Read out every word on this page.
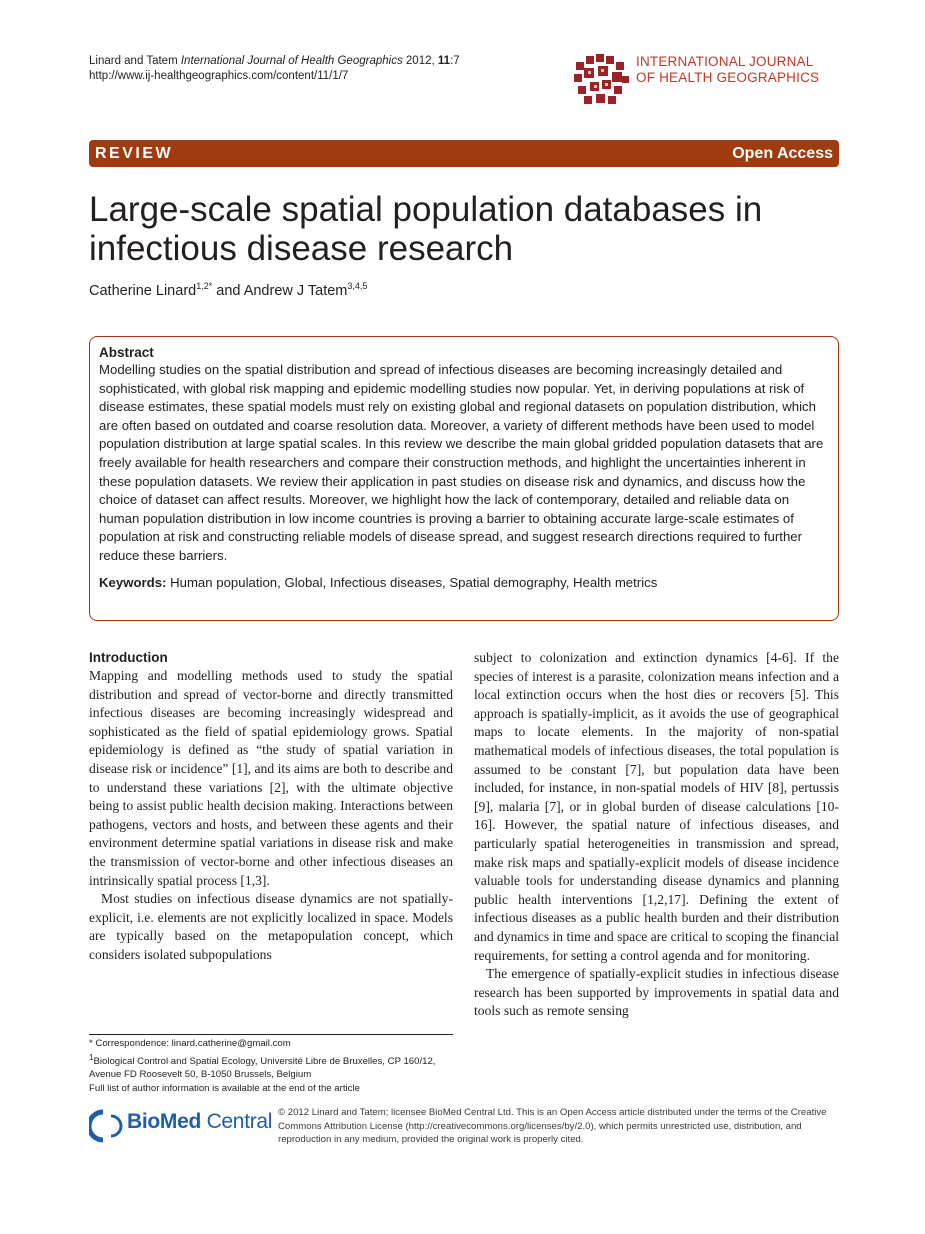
Linard and Tatem International Journal of Health Geographics 2012, 11:7
http://www.ij-healthgeographics.com/content/11/1/7
INTERNATIONAL JOURNAL
OF HEALTH GEOGRAPHICS
REVIEW	Open Access
Large-scale spatial population databases in infectious disease research
Catherine Linard$^{1,2*}$ and Andrew J Tatem$^{3,4,5}$
Abstract

Modelling studies on the spatial distribution and spread of infectious diseases are becoming increasingly detailed and sophisticated, with global risk mapping and epidemic modelling studies now popular. Yet, in deriving populations at risk of disease estimates, these spatial models must rely on existing global and regional datasets on population distribution, which are often based on outdated and coarse resolution data. Moreover, a variety of different methods have been used to model population distribution at large spatial scales. In this review we describe the main global gridded population datasets that are freely available for health researchers and compare their construction methods, and highlight the uncertainties inherent in these population datasets. We review their application in past studies on disease risk and dynamics, and discuss how the choice of dataset can affect results. Moreover, we highlight how the lack of contemporary, detailed and reliable data on human population distribution in low income countries is proving a barrier to obtaining accurate large-scale estimates of population at risk and constructing reliable models of disease spread, and suggest research directions required to further reduce these barriers.

Keywords: Human population, Global, Infectious diseases, Spatial demography, Health metrics
Introduction

Mapping and modelling methods used to study the spatial distribution and spread of vector-borne and directly transmitted infectious diseases are becoming increasingly widespread and sophisticated as the field of spatial epidemiology grows. Spatial epidemiology is defined as “the study of spatial variation in disease risk or incidence” [1], and its aims are both to describe and to understand these variations [2], with the ultimate objective being to assist public health decision making. Interactions between pathogens, vectors and hosts, and between these agents and their environment determine spatial variations in disease risk and make the transmission of vector-borne and other infectious diseases an intrinsically spatial process [1,3].

Most studies on infectious disease dynamics are not spatially-explicit, i.e. elements are not explicitly localized in space. Models are typically based on the metapopulation concept, which considers isolated subpopulations

subject to colonization and extinction dynamics [4-6]. If the species of interest is a parasite, colonization means infection and a local extinction occurs when the host dies or recovers [5]. This approach is spatially-implicit, as it avoids the use of geographical maps to locate elements. In the majority of non-spatial mathematical models of infectious diseases, the total population is assumed to be constant [7], but population data have been included, for instance, in non-spatial models of HIV [8], pertussis [9], malaria [7], or in global burden of disease calculations [10-16]. However, the spatial nature of infectious diseases, and particularly spatial heterogeneities in transmission and spread, make risk maps and spatially-explicit models of disease incidence valuable tools for understanding disease dynamics and planning public health interventions [1,2,17]. Defining the extent of infectious diseases as a public health burden and their distribution and dynamics in time and space are critical to scoping the financial requirements, for setting a control agenda and for monitoring.

The emergence of spatially-explicit studies in infectious disease research has been supported by improvements in spatial data and tools such as remote sensing

* Correspondence: linard.catherine@gmail.com
$^1$Biological Control and Spatial Ecology, Université Libre de Bruxelles, CP 160/12, Avenue FD Roosevelt 50, B-1050 Brussels, Belgium
Full list of author information is available at the end of the article
BioMed Central © 2012 Linard and Tatem; licensee BioMed Central Ltd. This is an Open Access article distributed under the terms of the Creative Commons Attribution License (http://creativecommons.org/licenses/by/2.0), which permits unrestricted use, distribution, and reproduction in any medium, provided the original work is properly cited.
